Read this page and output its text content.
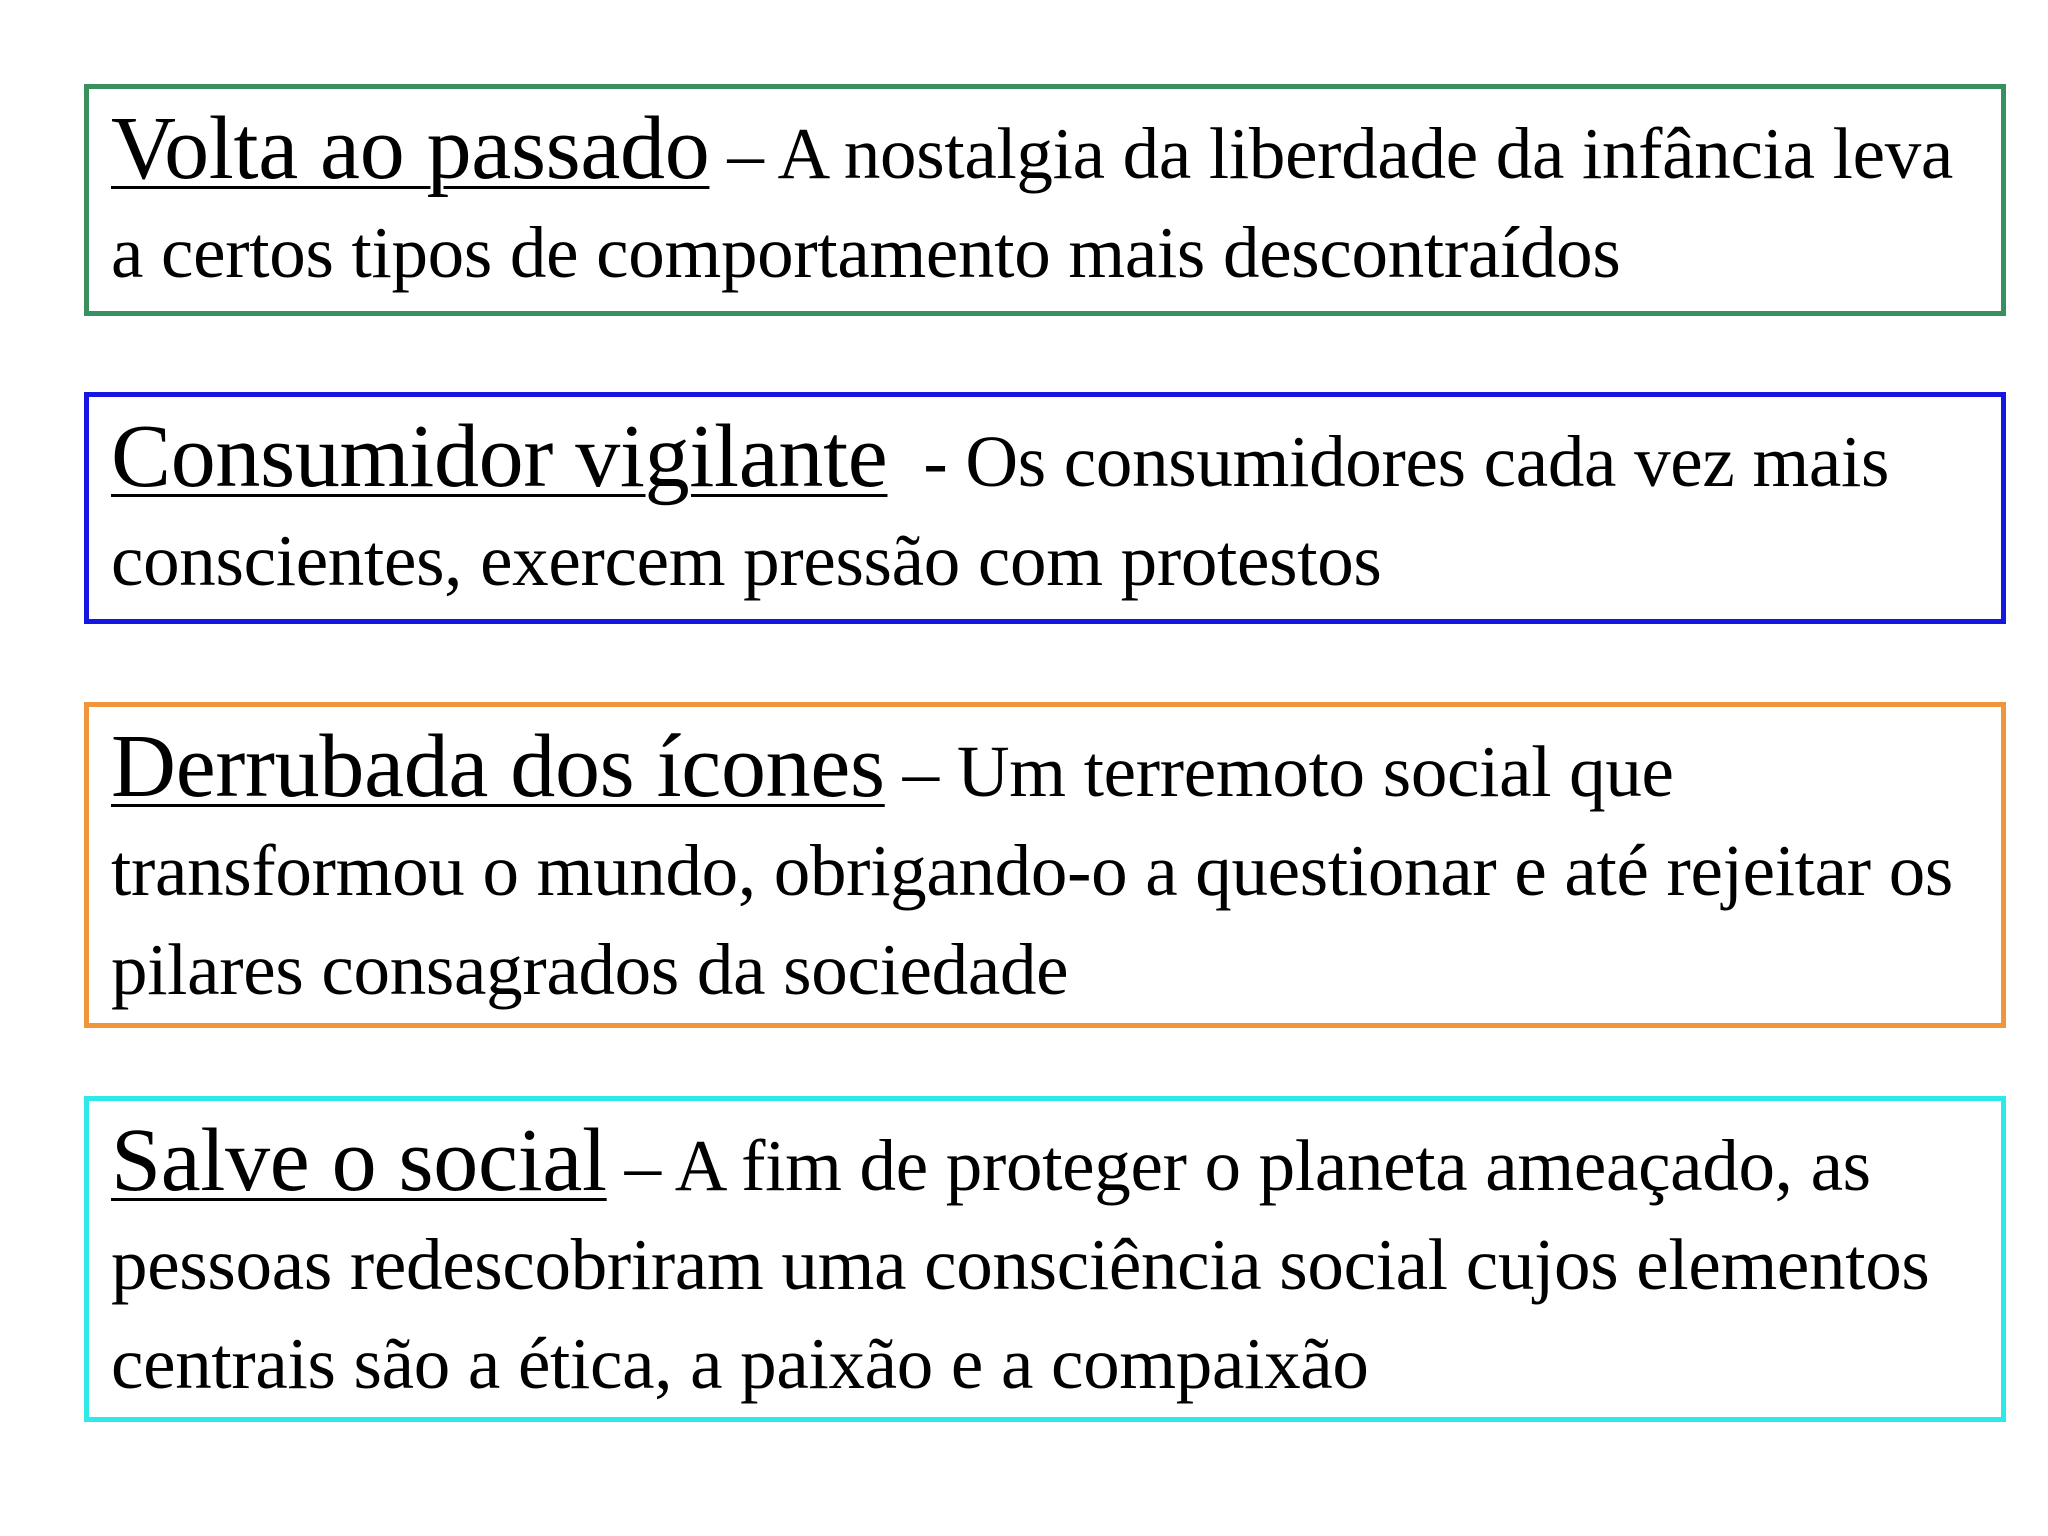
Volta ao passado – A nostalgia da liberdade da infância leva a certos tipos de comportamento mais descontraídos

Consumidor vigilante  - Os consumidores cada vez mais conscientes, exercem pressão com protestos

Derrubada dos ícones – Um terremoto social que transformou o mundo, obrigando-o a questionar e até rejeitar os pilares consagrados da sociedade

Salve o social – A fim de proteger o planeta ameaçado, as pessoas redescobriram uma consciência social cujos elementos centrais são a ética, a paixão e a compaixão
